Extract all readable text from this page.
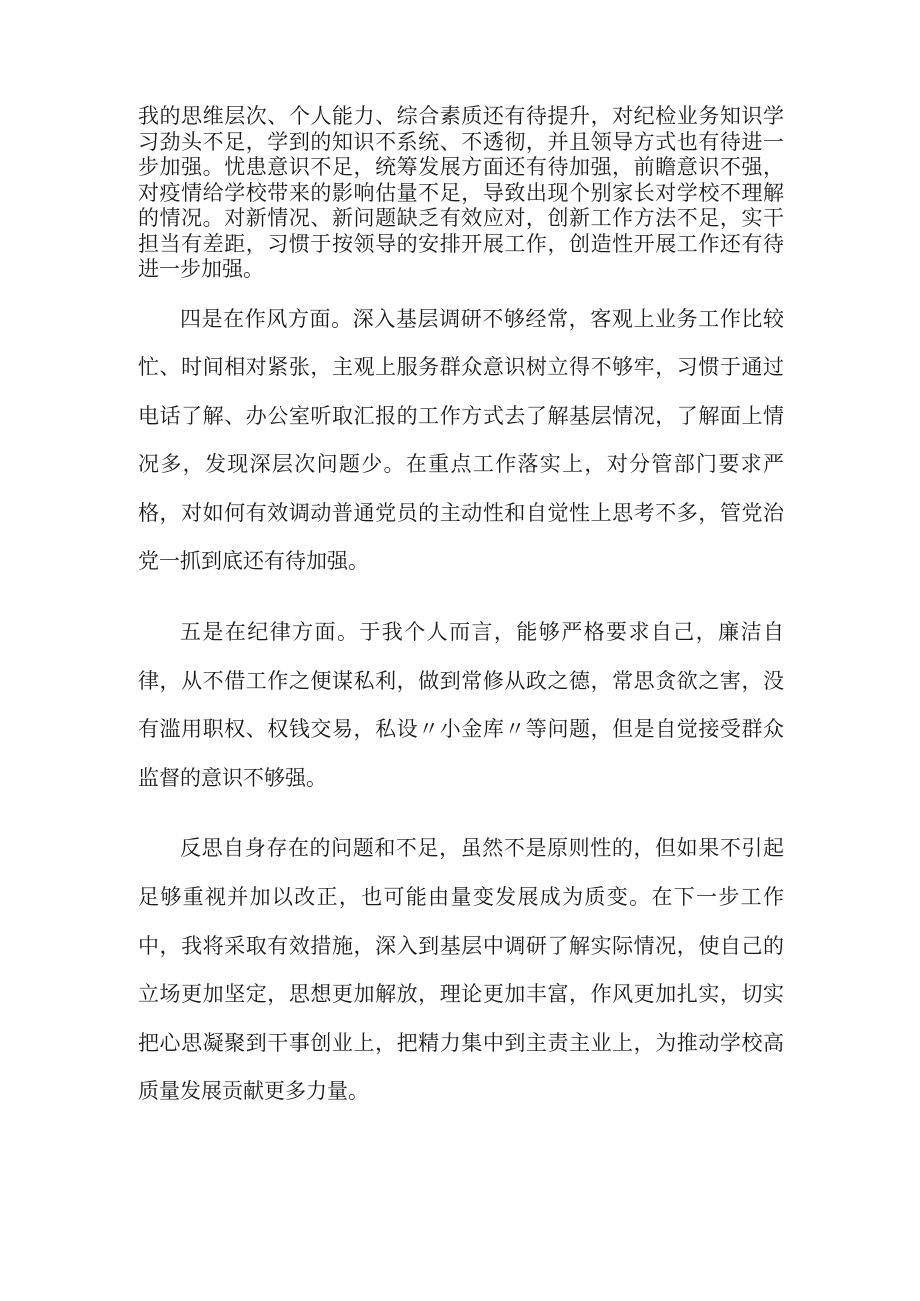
我的思维层次、个人能力、综合素质还有待提升，对纪检业务知识学习劲头不足，学到的知识不系统、不透彻，并且领导方式也有待进一步加强。忧患意识不足，统筹发展方面还有待加强，前瞻意识不强，对疫情给学校带来的影响估量不足，导致出现个别家长对学校不理解的情况。对新情况、新问题缺乏有效应对，创新工作方法不足，实干担当有差距，习惯于按领导的安排开展工作，创造性开展工作还有待进一步加强。

四是在作风方面。深入基层调研不够经常，客观上业务工作比较忙、时间相对紧张，主观上服务群众意识树立得不够牢，习惯于通过电话了解、办公室听取汇报的工作方式去了解基层情况，了解面上情况多，发现深层次问题少。在重点工作落实上，对分管部门要求严格，对如何有效调动普通党员的主动性和自觉性上思考不多，管党治党一抓到底还有待加强。

五是在纪律方面。于我个人而言，能够严格要求自己，廉洁自律，从不借工作之便谋私利，做到常修从政之德，常思贪欲之害，没有滥用职权、权钱交易，私设〃小金库〃等问题，但是自觉接受群众监督的意识不够强。

反思自身存在的问题和不足，虽然不是原则性的，但如果不引起足够重视并加以改正，也可能由量变发展成为质变。在下一步工作中，我将采取有效措施，深入到基层中调研了解实际情况，使自己的立场更加坚定，思想更加解放，理论更加丰富，作风更加扎实，切实把心思凝聚到干事创业上，把精力集中到主责主业上，为推动学校高质量发展贡献更多力量。
